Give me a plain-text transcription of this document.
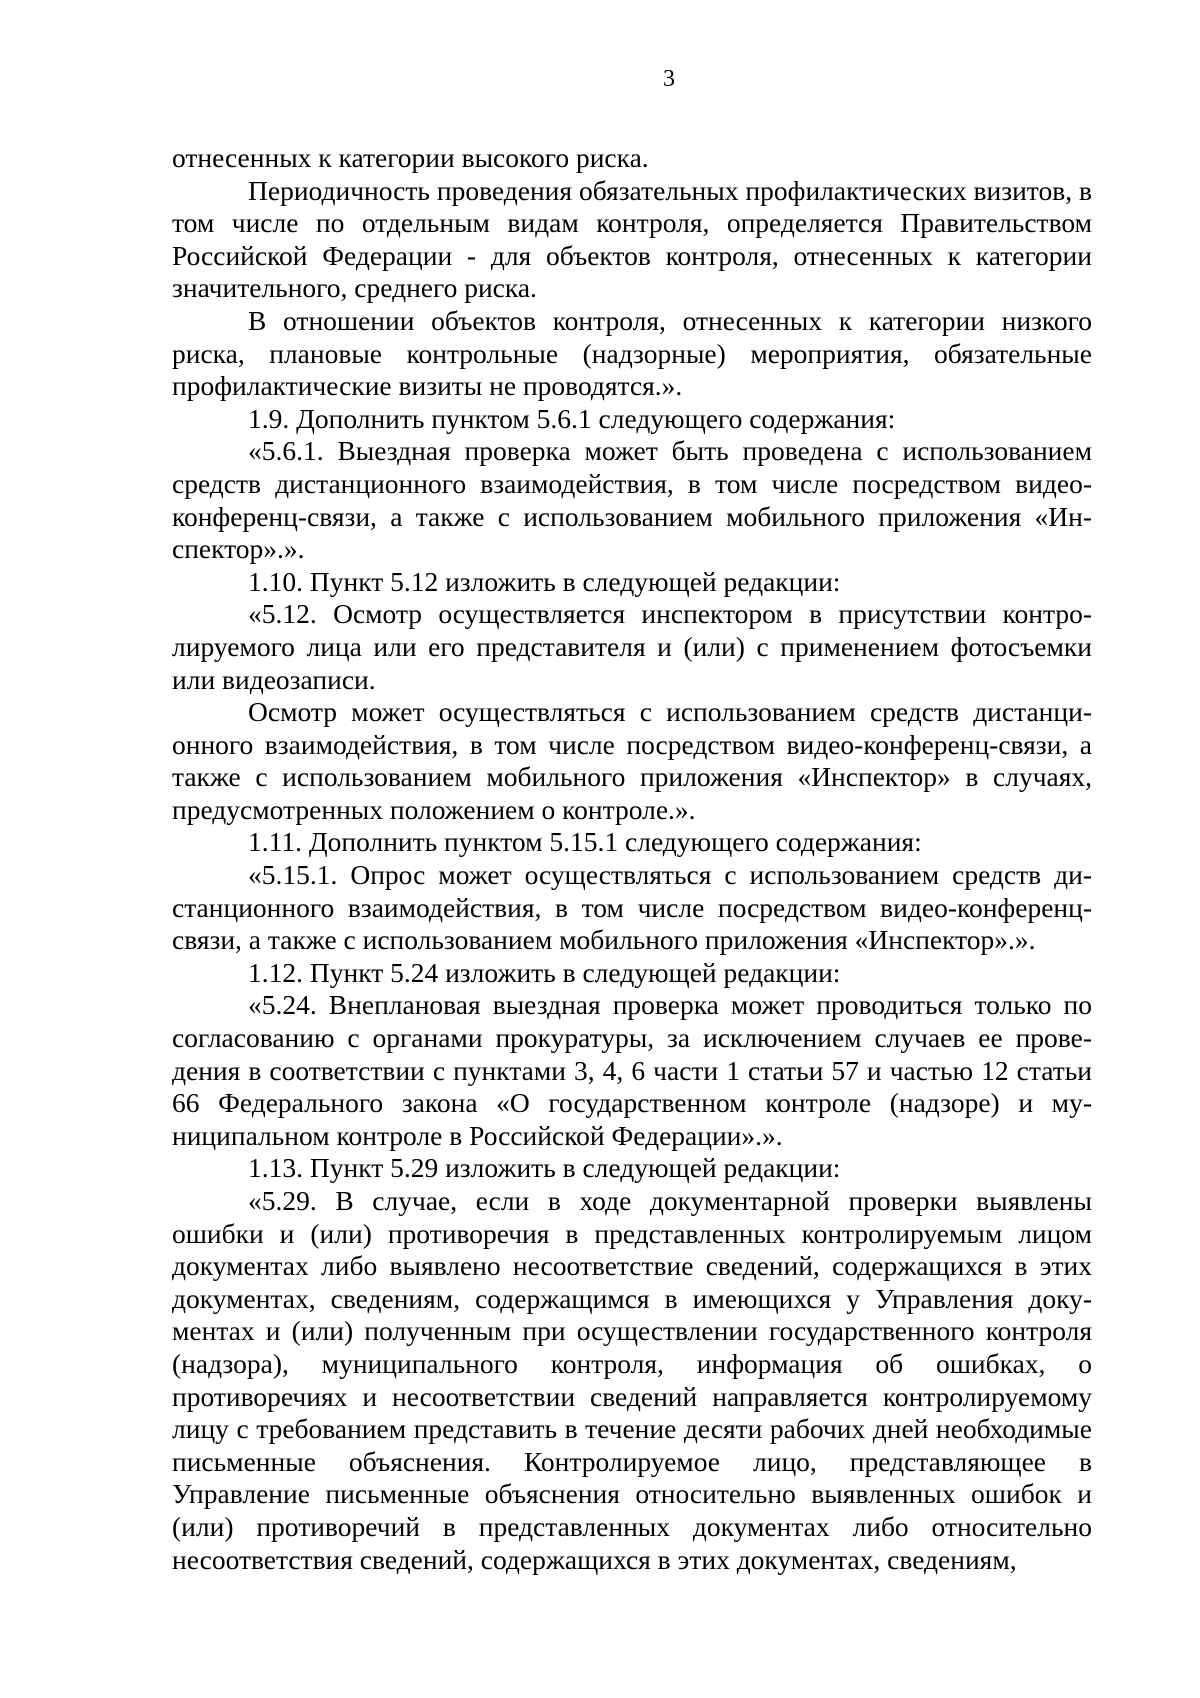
3

отнесенных к категории высокого риска.

Периодичность проведения обязательных профилактических визитов, в том числе по отдельным видам контроля, определяется Правительством Российской Федерации - для объектов контроля, отнесенных к категории значительного, среднего риска.

В отношении объектов контроля, отнесенных к категории низкого риска, плановые контрольные (надзорные) мероприятия, обязательные профилактические визиты не проводятся.».

1.9. Дополнить пунктом 5.6.1 следующего содержания:

«5.6.1. Выездная проверка может быть проведена с использованием средств дистанционного взаимодействия, в том числе посредством видеоконференц-связи, а также с использованием мобильного приложения «Инспектор».».

1.10. Пункт 5.12 изложить в следующей редакции:

«5.12. Осмотр осуществляется инспектором в присутствии контролируемого лица или его представителя и (или) с применением фотосъемки или видеозаписи.

Осмотр может осуществляться с использованием средств дистанционного взаимодействия, в том числе посредством видео-конференц-связи, а также с использованием мобильного приложения «Инспектор» в случаях, предусмотренных положением о контроле.».

1.11. Дополнить пунктом 5.15.1 следующего содержания:

«5.15.1. Опрос может осуществляться с использованием средств дистанционного взаимодействия, в том числе посредством видео-конференц-связи, а также с использованием мобильного приложения «Инспектор».».

1.12. Пункт 5.24 изложить в следующей редакции:

«5.24. Внеплановая выездная проверка может проводиться только по согласованию с органами прокуратуры, за исключением случаев ее проведения в соответствии с пунктами 3, 4, 6 части 1 статьи 57 и частью 12 статьи 66 Федерального закона «О государственном контроле (надзоре) и муниципальном контроле в Российской Федерации».».

1.13. Пункт 5.29 изложить в следующей редакции:

«5.29. В случае, если в ходе документарной проверки выявлены ошибки и (или) противоречия в представленных контролируемым лицом документах либо выявлено несоответствие сведений, содержащихся в этих документах, сведениям, содержащимся в имеющихся у Управления документах и (или) полученным при осуществлении государственного контроля (надзора), муниципального контроля, информация об ошибках, о противоречиях и несоответствии сведений направляется контролируемому лицу с требованием представить в течение десяти рабочих дней необходимые письменные объяснения. Контролируемое лицо, представляющее в Управление письменные объяснения относительно выявленных ошибок и (или) противоречий в представленных документах либо относительно несоответствия сведений, содержащихся в этих документах, сведениям,
